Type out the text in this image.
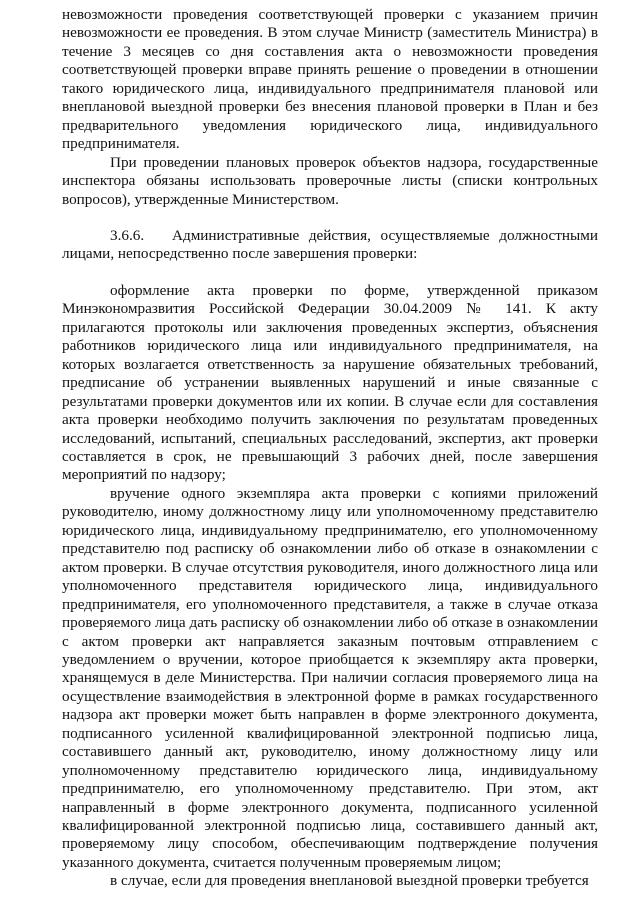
невозможности проведения соответствующей проверки с указанием причин невозможности ее проведения. В этом случае Министр (заместитель Министра) в течение 3 месяцев со дня составления акта о невозможности проведения соответствующей проверки вправе принять решение о проведении в отношении такого юридического лица, индивидуального предпринимателя плановой или внеплановой выездной проверки без внесения плановой проверки в План и без предварительного уведомления юридического лица, индивидуального предпринимателя.

При проведении плановых проверок объектов надзора, государственные инспектора обязаны использовать проверочные листы (списки контрольных вопросов), утвержденные Министерством.

3.6.6. Административные действия, осуществляемые должностными лицами, непосредственно после завершения проверки:

оформление акта проверки по форме, утвержденной приказом Минэкономразвития Российской Федерации 30.04.2009 № 141. К акту прилагаются протоколы или заключения проведенных экспертиз, объяснения работников юридического лица или индивидуального предпринимателя, на которых возлагается ответственность за нарушение обязательных требований, предписание об устранении выявленных нарушений и иные связанные с результатами проверки документов или их копии. В случае если для составления акта проверки необходимо получить заключения по результатам проведенных исследований, испытаний, специальных расследований, экспертиз, акт проверки составляется в срок, не превышающий 3 рабочих дней, после завершения мероприятий по надзору;

вручение одного экземпляра акта проверки с копиями приложений руководителю, иному должностному лицу или уполномоченному представителю юридического лица, индивидуальному предпринимателю, его уполномоченному представителю под расписку об ознакомлении либо об отказе в ознакомлении с актом проверки. В случае отсутствия руководителя, иного должностного лица или уполномоченного представителя юридического лица, индивидуального предпринимателя, его уполномоченного представителя, а также в случае отказа проверяемого лица дать расписку об ознакомлении либо об отказе в ознакомлении с актом проверки акт направляется заказным почтовым отправлением с уведомлением о вручении, которое приобщается к экземпляру акта проверки, хранящемуся в деле Министерства. При наличии согласия проверяемого лица на осуществление взаимодействия в электронной форме в рамках государственного надзора акт проверки может быть направлен в форме электронного документа, подписанного усиленной квалифицированной электронной подписью лица, составившего данный акт, руководителю, иному должностному лицу или уполномоченному представителю юридического лица, индивидуальному предпринимателю, его уполномоченному представителю. При этом, акт направленный в форме электронного документа, подписанного усиленной квалифицированной электронной подписью лица, составившего данный акт, проверяемому лицу способом, обеспечивающим подтверждение получения указанного документа, считается полученным проверяемым лицом;

в случае, если для проведения внеплановой выездной проверки требуется
